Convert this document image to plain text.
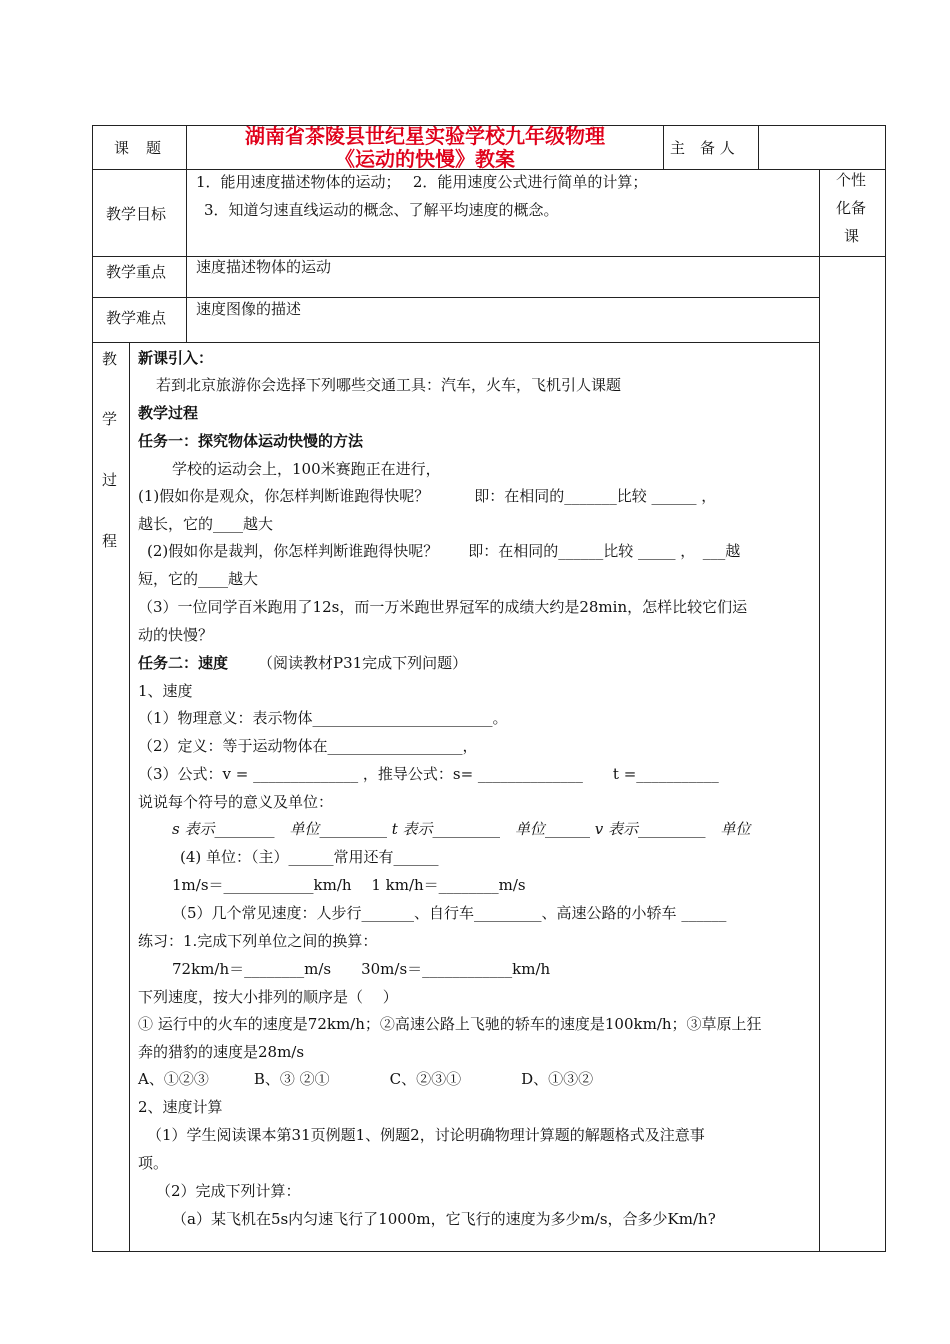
课　题	湖南省茶陵县世纪星实验学校九年级物理
《运动的快慢》教案	主　备 人
个性
化备
课
教学目标
1．能用速度描述物体的运动；　 2．能用速度公式进行简单的计算；
3．知道匀速直线运动的概念、了解平均速度的概念。
教学重点 速度描述物体的运动
教学难点 速度图像的描述
教
学
过
程
新课引入：
若到北京旅游你会选择下列哪些交通工具：汽车，火车，飞机引人课题
教学过程
任务一：探究物体运动快慢的方法
学校的运动会上，100米赛跑正在进行，
(1)假如你是观众，你怎样判断谁跑得快呢？　　　即：在相同的_______比较 ______ ，
越长，它的____越大
(2)假如你是裁判，你怎样判断谁跑得快呢？　　即：在相同的______比较 _____ ，　___越
短，它的____越大
（3）一位同学百米跑用了12s，而一万米跑世界冠军的成绩大约是28min，怎样比较它们运
动的快慢？
任务二：速度 （阅读教材P31完成下列问题）
1、速度
（1）物理意义：表示物体________________________。
（2）定义：等于运动物体在__________________，
（3）公式：v = ______________ ，推导公式：s= ______________　　t =___________
说说每个符号的意义及单位：
s 表示________　单位_________ t 表示_________　单位______ v 表示_________　单位
(4) 单位：（主）______常用还有______
1m/s＝____________km/h　 1 km/h＝________m/s
（5）几个常见速度：人步行_______、自行车_________、高速公路的小轿车 ______
练习：1.完成下列单位之间的换算：
72km/h＝________m/s　　30m/s＝____________km/h
下列速度，按大小排列的顺序是（　 ）
① 运行中的火车的速度是72km/h；②高速公路上飞驰的轿车的速度是100km/h；③草原上狂
奔的猎豹的速度是28m/s
A、①②③　　　B、③ ②①　　　　C、②③①　　　　D、①③②
2、速度计算
（1）学生阅读课本第31页例题1、例题2，讨论明确物理计算题的解题格式及注意事
项。
（2）完成下列计算：
（a）某飞机在5s内匀速飞行了1000m，它飞行的速度为多少m/s，合多少Km/h?
